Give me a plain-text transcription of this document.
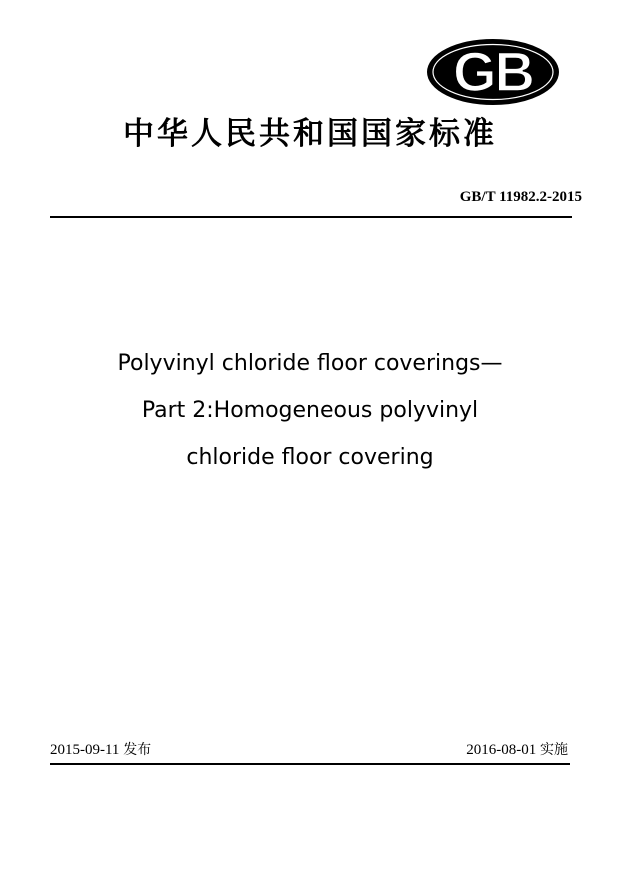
GB
中华人民共和国国家标准
GB/T 11982.2-2015
Polyvinyl chloride floor coverings—
Part 2:Homogeneous polyvinyl
chloride floor covering
2015-09-11 发布	2016-08-01 实施
